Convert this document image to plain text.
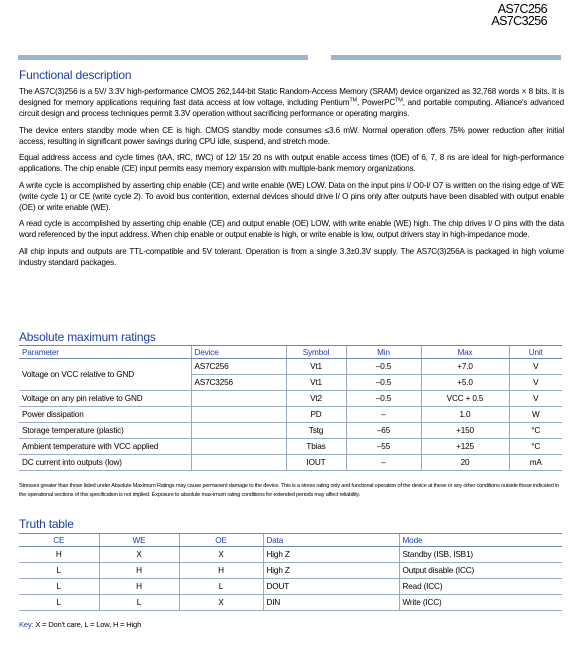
AS7C256
AS7C3256
Functional description

The AS7C(3)256 is a 5V/ 3.3V high-performance CMOS 262,144-bit Static Random-Access Memory (SRAM) device organized as 32,768 words × 8 bits. It is designed for memory applications requiring fast data access at low voltage, including Pentium™, PowerPC™, and portable computing. Alliance's advanced circuit design and process techniques permit 3.3V operation without sacrificing performance or operating margins.

The device enters standby mode when CE is high. CMOS standby mode consumes ≤3.6 mW. Normal operation offers 75% power reduction after initial access, resulting in significant power savings during CPU idle, suspend, and stretch mode.

Equal address access and cycle times (tAA, tRC, tWC) of 12/ 15/ 20 ns with output enable access times (tOE) of 6, 7, 8 ns are ideal for high-performance applications. The chip enable (CE) input permits easy memory expansion with multiple-bank memory organizations.

A write cycle is accomplished by asserting chip enable (CE) and write enable (WE) LOW. Data on the input pins I/ O0-I/ O7 is written on the rising edge of WE (write cycle 1) or CE (write cycle 2). To avoid bus contention, external devices should drive I/ O pins only after outputs have been disabled with output enable (OE) or write enable (WE).

A read cycle is accomplished by asserting chip enable (CE) and output enable (OE) LOW, with write enable (WE) high. The chip drives I/ O pins with the data word referenced by the input address. When chip enable or output enable is high, or write enable is low, output drivers stay in high-impedance mode.

All chip inputs and outputs are TTL-compatible and 5V tolerant. Operation is from a single 3.3±0.3V supply. The AS7C(3)256A is packaged in high volume industry standard packages.

Absolute maximum ratings
Parameter	Device	Symbol	Min	Max	Unit
Voltage on VCC relative to GND	AS7C256	Vt1	–0.5	+7.0	V
	AS7C3256	Vt1	–0.5	+5.0	V
Voltage on any pin relative to GND		Vt2	–0.5	VCC + 0.5	V
Power dissipation		PD	–	1.0	W
Storage temperature (plastic)		Tstg	–65	+150	°C
Ambient temperature with VCC applied		Tbias	–55	+125	°C
DC current into outputs (low)		IOUT	–	20	mA
Stresses greater than those listed under Absolute Maximum Ratings may cause permanent damage to the device. This is a stress rating only and functional operation of the device at these or any other conditions outside those indicated in the operational sections of this specification is not implied. Exposure to absolute max-imum rating conditions for extended periods may affect reliability.
Truth table
CE	WE	OE	Data	Mode
H	X	X	High Z	Standby (ISB, ISB1)
L	H	H	High Z	Output disable (ICC)
L	H	L	DOUT	Read (ICC)
L	L	X	DIN	Write (ICC)
Key: X = Don't care, L = Low, H = High
